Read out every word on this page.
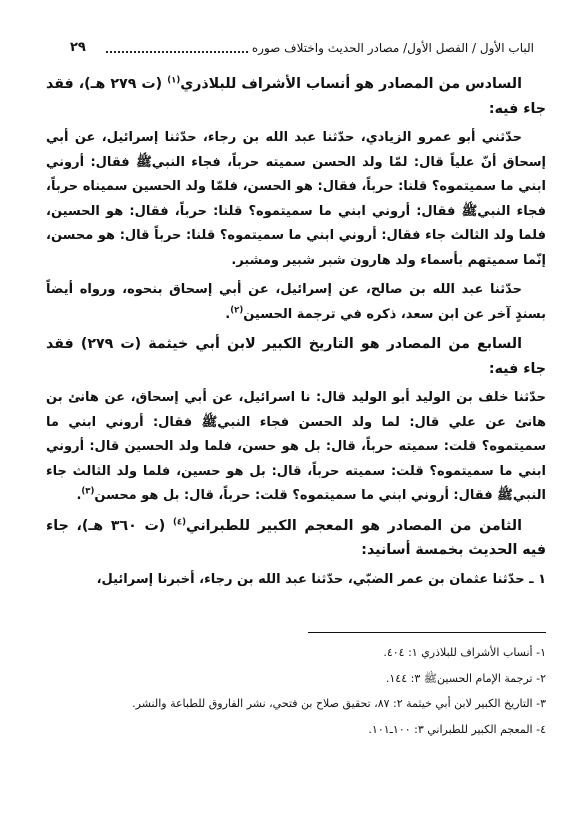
الباب الأول / الفصل الأول/ مصادر الحديث واختلاف صوره
٢٩

السادس من المصادر هو أنساب الأشراف للبلاذري$^{(١)}$ (ت ٢٧٩ هـ)، فقد جاء فيه:

حدّثني أبو عمرو الزيادي، حدّثنا عبد الله بن رجاء، حدّثنا إسرائيل، عن أبي إسحاق أنّ علياً قال: لمّا ولد الحسن سميته حرباً، فجاء النبيﷺ فقال: أروني ابني ما سميتموه؟ قلنا: حرباً، فقال: هو الحسن، فلمّا ولد الحسين سميناه حرباً، فجاء النبيﷺ فقال: أروني ابني ما سميتموه؟ قلنا: حرباً، فقال: هو الحسين، فلما ولد الثالث جاء فقال: أروني ابني ما سميتموه؟ قلنا: حرباً قال: هو محسن، إنّما سميتهم بأسماء ولد هارون شبر شبير ومشبر.

حدّثنا عبد الله بن صالح، عن إسرائيل، عن أبي إسحاق بنحوه، ورواه أيضاً بسندٍ آخر عن ابن سعد، ذكره في ترجمة الحسين$^{(٢)}$.

السابع من المصادر هو التاريخ الكبير لابن أبي خيثمة (ت ٢٧٩) فقد جاء فيه:

حدّثنا خلف بن الوليد أبو الوليد قال: نا اسرائيل، عن أبي إسحاق، عن هانئ بن هانئ عن علي قال: لما ولد الحسن فجاء النبيﷺ فقال: أروني ابني ما سميتموه؟ قلت: سميته حرباً، قال: بل هو حسن، فلما ولد الحسين قال: أروني ابني ما سميتموه؟ قلت: سميته حرباً، قال: بل هو حسين، فلما ولد الثالث جاء النبيﷺ فقال: أروني ابني ما سميتموه؟ قلت: حرباً، قال: بل هو محسن$^{(٣)}$.

الثامن من المصادر هو المعجم الكبير للطبراني$^{(٤)}$ (ت ٣٦٠ هـ)، جاء فيه الحديث بخمسة أسانيد:

١ ـ حدّثنا عثمان بن عمر الضبّي، حدّثنا عبد الله بن رجاء، أخبرنا إسرائيل،

١- أنساب الأشراف للبلاذري ١: ٤٠٤.
٢- ترجمة الإمام الحسينﷺ ٣: ١٤٤.
٣- التاريخ الكبير لابن أبي خيثمة ٢: ٨٧، تحقيق صلاح بن فتحي، نشر الفاروق للطباعة والنشر.
٤- المعجم الكبير للطبراني ٣: ١٠٠ـ١٠١.
